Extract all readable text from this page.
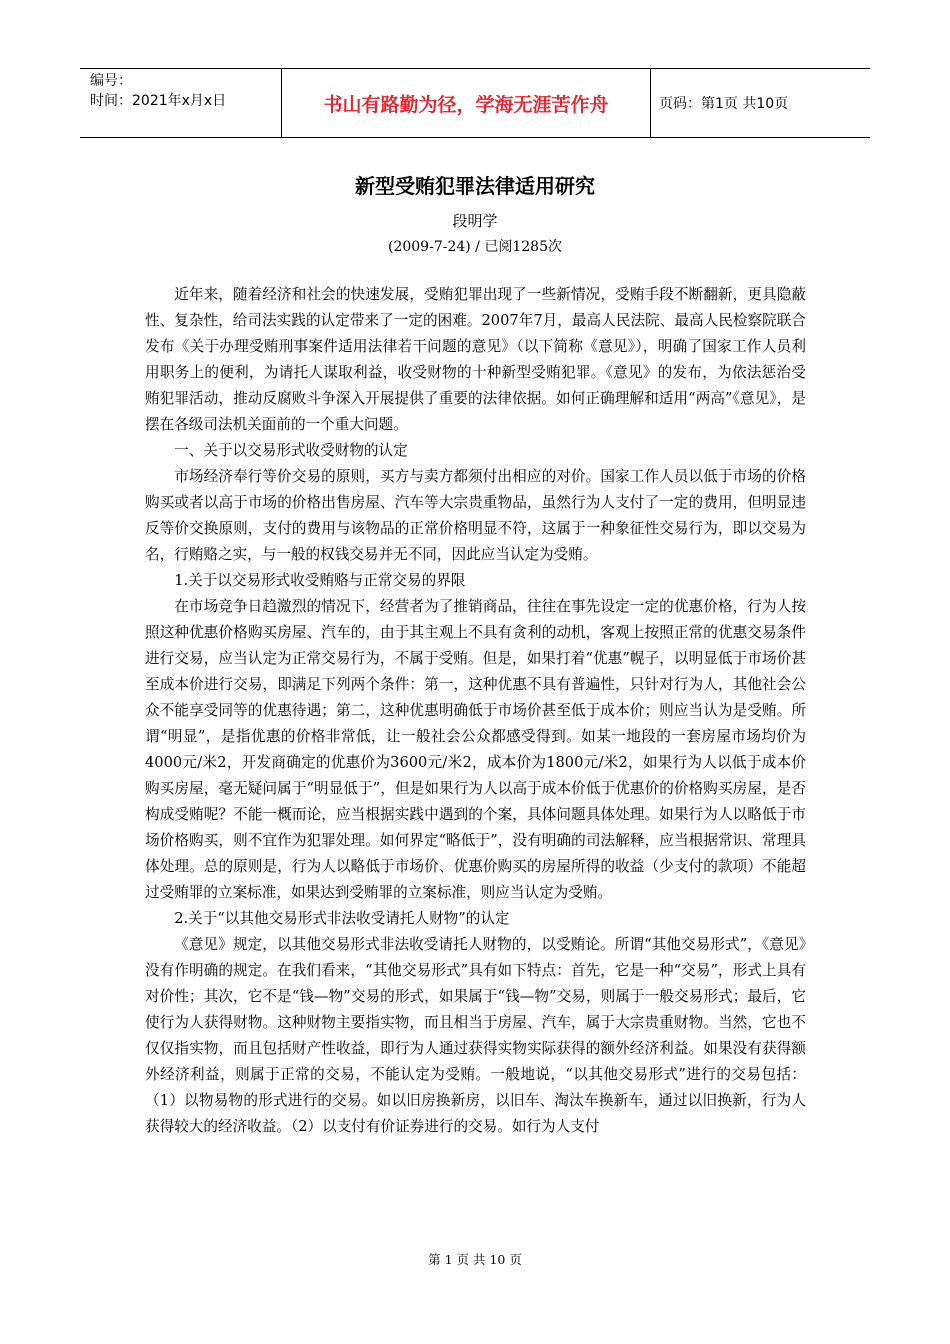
编号：
时间：2021年x月x日	书山有路勤为径，学海无涯苦作舟	页码：第1页 共10页
新型受贿犯罪法律适用研究
段明学
(2009-7-24) / 已阅1285次

近年来，随着经济和社会的快速发展，受贿犯罪出现了一些新情况，受贿手段不断翻新，更具隐蔽性、复杂性，给司法实践的认定带来了一定的困难。2007年7月，最高人民法院、最高人民检察院联合发布《关于办理受贿刑事案件适用法律若干问题的意见》（以下简称《意见》），明确了国家工作人员利用职务上的便利，为请托人谋取利益，收受财物的十种新型受贿犯罪。《意见》的发布，为依法惩治受贿犯罪活动，推动反腐败斗争深入开展提供了重要的法律依据。如何正确理解和适用“两高”《意见》，是摆在各级司法机关面前的一个重大问题。

一、关于以交易形式收受财物的认定

市场经济奉行等价交易的原则，买方与卖方都须付出相应的对价。国家工作人员以低于市场的价格购买或者以高于市场的价格出售房屋、汽车等大宗贵重物品，虽然行为人支付了一定的费用，但明显违反等价交换原则，支付的费用与该物品的正常价格明显不符，这属于一种象征性交易行为，即以交易为名，行贿赂之实，与一般的权钱交易并无不同，因此应当认定为受贿。

1.关于以交易形式收受贿赂与正常交易的界限

在市场竞争日趋激烈的情况下，经营者为了推销商品，往往在事先设定一定的优惠价格，行为人按照这种优惠价格购买房屋、汽车的，由于其主观上不具有贪利的动机，客观上按照正常的优惠交易条件进行交易，应当认定为正常交易行为，不属于受贿。但是，如果打着“优惠”幌子，以明显低于市场价甚至成本价进行交易，即满足下列两个条件：第一，这种优惠不具有普遍性，只针对行为人，其他社会公众不能享受同等的优惠待遇；第二，这种优惠明确低于市场价甚至低于成本价；则应当认为是受贿。所谓“明显”，是指优惠的价格非常低，让一般社会公众都感受得到。如某一地段的一套房屋市场均价为4000元/米2，开发商确定的优惠价为3600元/米2，成本价为1800元/米2，如果行为人以低于成本价购买房屋，毫无疑问属于“明显低于”，但是如果行为人以高于成本价低于优惠价的价格购买房屋，是否构成受贿呢？不能一概而论，应当根据实践中遇到的个案，具体问题具体处理。如果行为人以略低于市场价格购买，则不宜作为犯罪处理。如何界定“略低于”，没有明确的司法解释，应当根据常识、常理具体处理。总的原则是，行为人以略低于市场价、优惠价购买的房屋所得的收益（少支付的款项）不能超过受贿罪的立案标准，如果达到受贿罪的立案标准，则应当认定为受贿。

2.关于“以其他交易形式非法收受请托人财物”的认定

《意见》规定，以其他交易形式非法收受请托人财物的，以受贿论。所谓“其他交易形式”，《意见》没有作明确的规定。在我们看来，“其他交易形式”具有如下特点：首先，它是一种“交易”，形式上具有对价性；其次，它不是“钱—物”交易的形式，如果属于“钱—物”交易，则属于一般交易形式；最后，它使行为人获得财物。这种财物主要指实物，而且相当于房屋、汽车，属于大宗贵重财物。当然，它也不仅仅指实物，而且包括财产性收益，即行为人通过获得实物实际获得的额外经济利益。如果没有获得额外经济利益，则属于正常的交易，不能认定为受贿。一般地说，“以其他交易形式”进行的交易包括：（1）以物易物的形式进行的交易。如以旧房换新房，以旧车、淘汰车换新车，通过以旧换新，行为人获得较大的经济收益。（2）以支付有价证券进行的交易。如行为人支付

第 1 页 共 10 页
